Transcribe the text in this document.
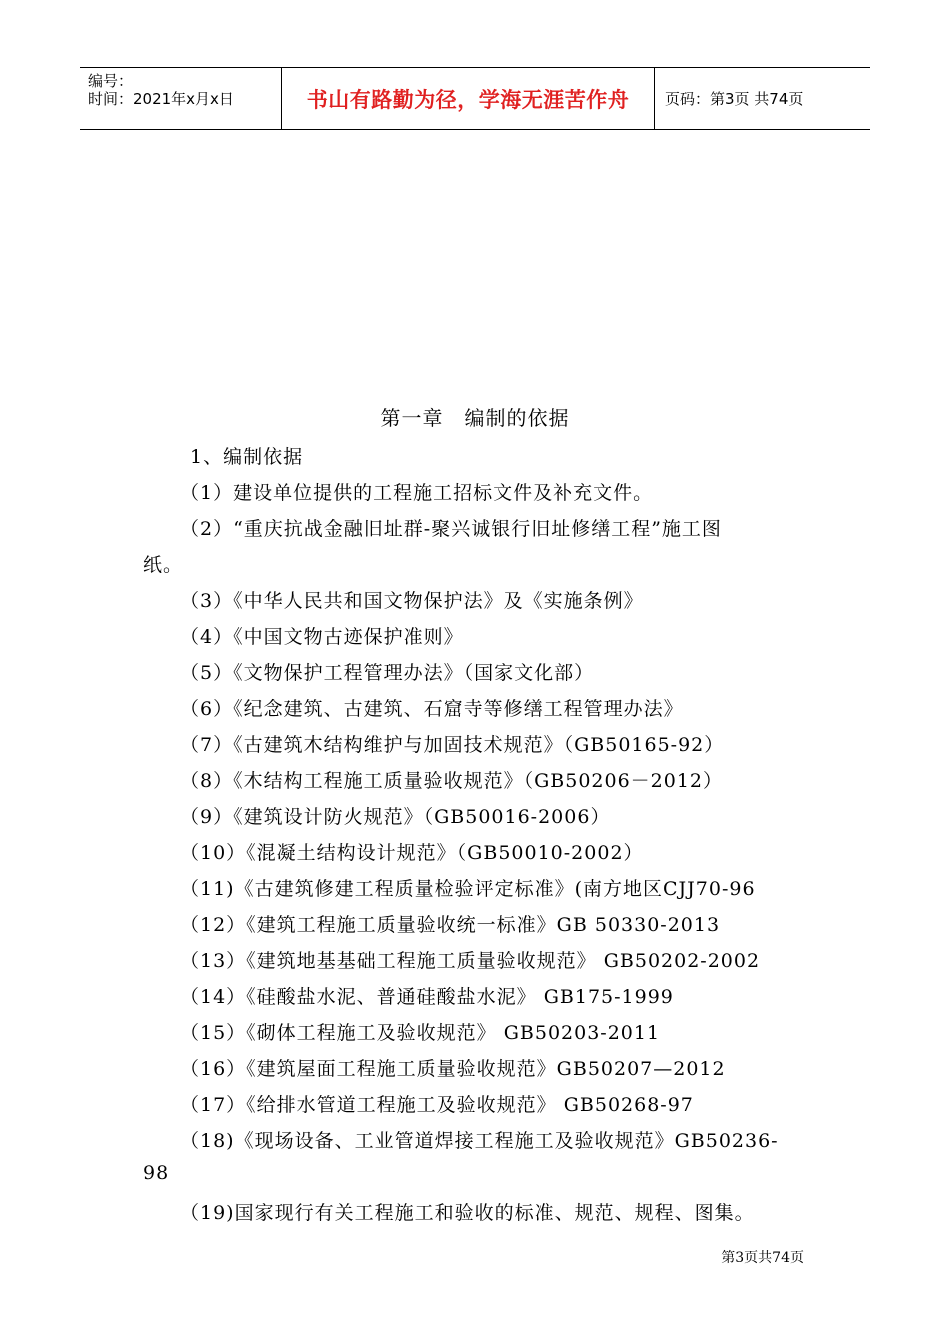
编号：
时间：2021年x月x日	书山有路勤为径，学海无涯苦作舟 页码：第3页 共74页
第一章　编制的依据
1、编制依据
（1）建设单位提供的工程施工招标文件及补充文件。
（2）“重庆抗战金融旧址群-聚兴诚银行旧址修缮工程”施工图
纸。
（3）《中华人民共和国文物保护法》及《实施条例》
（4）《中国文物古迹保护准则》
（5）《文物保护工程管理办法》（国家文化部）
（6）《纪念建筑、古建筑、石窟寺等修缮工程管理办法》
（7）《古建筑木结构维护与加固技术规范》（GB50165-92）
（8）《木结构工程施工质量验收规范》（GB50206－2012）
（9）《建筑设计防火规范》（GB50016-2006）
（10）《混凝土结构设计规范》（GB50010-2002）
（11)《古建筑修建工程质量检验评定标准》(南方地区CJJ70-96
（12）《建筑工程施工质量验收统一标准》GB 50330-2013
（13）《建筑地基基础工程施工质量验收规范》 GB50202-2002
（14）《硅酸盐水泥、普通硅酸盐水泥》 GB175-1999
（15）《砌体工程施工及验收规范》 GB50203-2011
（16）《建筑屋面工程施工质量验收规范》GB50207—2012
（17）《给排水管道工程施工及验收规范》 GB50268-97
（18)《现场设备、工业管道焊接工程施工及验收规范》GB50236-
98
（19)国家现行有关工程施工和验收的标准、规范、规程、图集。
第3页共74页
